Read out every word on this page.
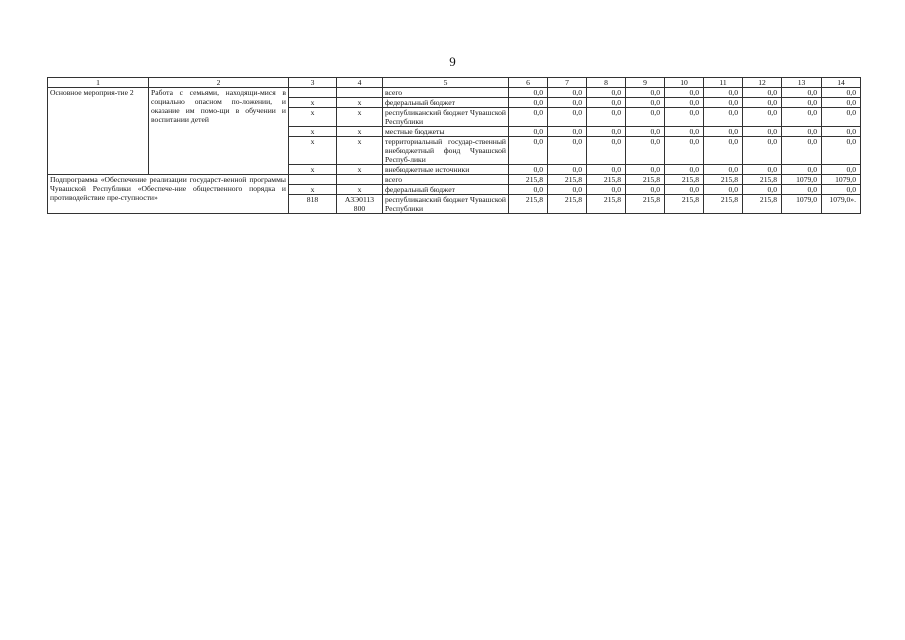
9
1	2	3	4	5	6	7	8	9	10	11	12	13	14
Основное мероприя-тие 2	Работа с семьями, находящи-мися в социально опасном по-ложении, и оказание им помо-щи в обучении и воспитании детей			всего	0,0	0,0	0,0	0,0	0,0	0,0	0,0	0,0	0,0
		x	x	федеральный бюджет	0,0	0,0	0,0	0,0	0,0	0,0	0,0	0,0	0,0
		x	x	республиканский бюджет Чувашской Республики	0,0	0,0	0,0	0,0	0,0	0,0	0,0	0,0	0,0
		x	x	местные бюджеты	0,0	0,0	0,0	0,0	0,0	0,0	0,0	0,0	0,0
		x	x	территориальный государ-ственный внебюджетный фонд Чувашской Респуб-лики	0,0	0,0	0,0	0,0	0,0	0,0	0,0	0,0	0,0
		x	x	внебюджетные источники	0,0	0,0	0,0	0,0	0,0	0,0	0,0	0,0	0,0
Подпрограмма «Обеспечение реализации государст-венной программы Чувашской Республики «Обеспече-ние общественного порядка и противодействие пре-ступности»				всего	215,8	215,8	215,8	215,8	215,8	215,8	215,8	1079,0	1079,0
		x	x	федеральный бюджет	0,0	0,0	0,0	0,0	0,0	0,0	0,0	0,0	0,0
		818	А3Э0113 800	республиканский бюджет Чувашской Республики	215,8	215,8	215,8	215,8	215,8	215,8	215,8	1079,0	1079,0».
